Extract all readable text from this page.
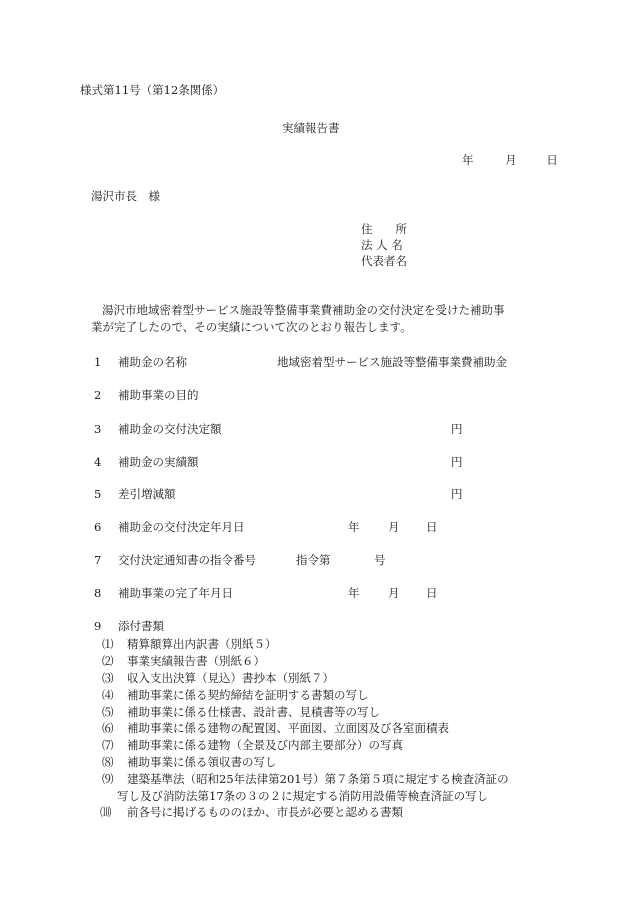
様式第11号（第12条関係）
実績報告書
年	月	日
湯沢市長　様
住　　所
法 人 名
代表者名
湯沢市地域密着型サービス施設等整備事業費補助金の交付決定を受けた補助事
業が完了したので、その実績について次のとおり報告します。
1 補助金の名称	地域密着型サービス施設等整備事業費補助金
2 補助事業の目的
3 補助金の交付決定額	円
4 補助金の実績額	円
5 差引増減額	円
6 補助金の交付決定年月日	年 月 日
7 交付決定通知書の指令番号	指令第	号
8 補助事業の完了年月日	年 月 日
9 添付書類
⑴ 精算額算出内訳書（別紙５）
⑵ 事業実績報告書（別紙６）
⑶ 収入支出決算（見込）書抄本（別紙７）
⑷ 補助事業に係る契約締結を証明する書類の写し
⑸ 補助事業に係る仕様書、設計書、見積書等の写し
⑹ 補助事業に係る建物の配置図、平面図、立面図及び各室面積表
⑺ 補助事業に係る建物（全景及び内部主要部分）の写真
⑻ 補助事業に係る領収書の写し
⑼ 建築基準法（昭和25年法律第201号）第７条第５項に規定する検査済証の
写し及び消防法第17条の３の２に規定する消防用設備等検査済証の写し
⑽ 前各号に掲げるもののほか、市長が必要と認める書類
